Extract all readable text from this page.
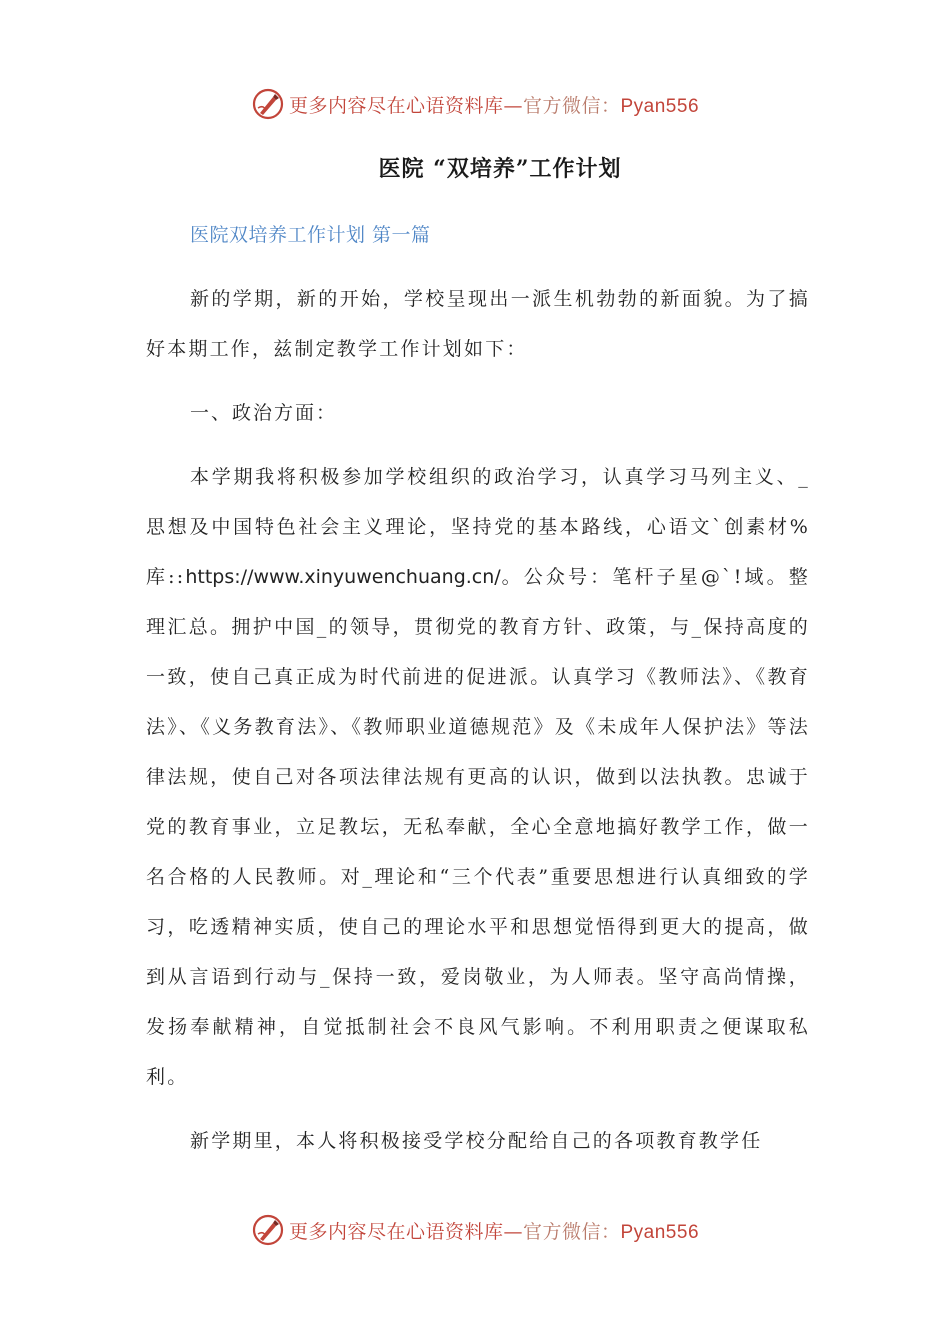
更多内容尽在心语资料库—官方微信：Pyan556
医院 “双培养”工作计划
医院双培养工作计划 第一篇

新的学期，新的开始，学校呈现出一派生机勃勃的新面貌。为了搞好本期工作，兹制定教学工作计划如下：

一、政治方面：

本学期我将积极参加学校组织的政治学习，认真学习马列主义、_思想及中国特色社会主义理论，坚持党的基本路线，心语文`创素材%库::https://www.xinyuwenchuang.cn/。公众号：笔杆子星@`!域。整理汇总。拥护中国_的领导，贯彻党的教育方针、政策，与_保持高度的一致，使自己真正成为时代前进的促进派。认真学习《教师法》、《教育法》、《义务教育法》、《教师职业道德规范》及《未成年人保护法》等法律法规，使自己对各项法律法规有更高的认识，做到以法执教。忠诚于党的教育事业，立足教坛，无私奉献，全心全意地搞好教学工作，做一名合格的人民教师。对_理论和“三个代表”重要思想进行认真细致的学习，吃透精神实质，使自己的理论水平和思想觉悟得到更大的提高，做到从言语到行动与_保持一致，爱岗敬业，为人师表。坚守高尚情操，发扬奉献精神，自觉抵制社会不良风气影响。不利用职责之便谋取私利。

新学期里，本人将积极接受学校分配给自己的各项教育教学任

更多内容尽在心语资料库—官方微信：Pyan556
